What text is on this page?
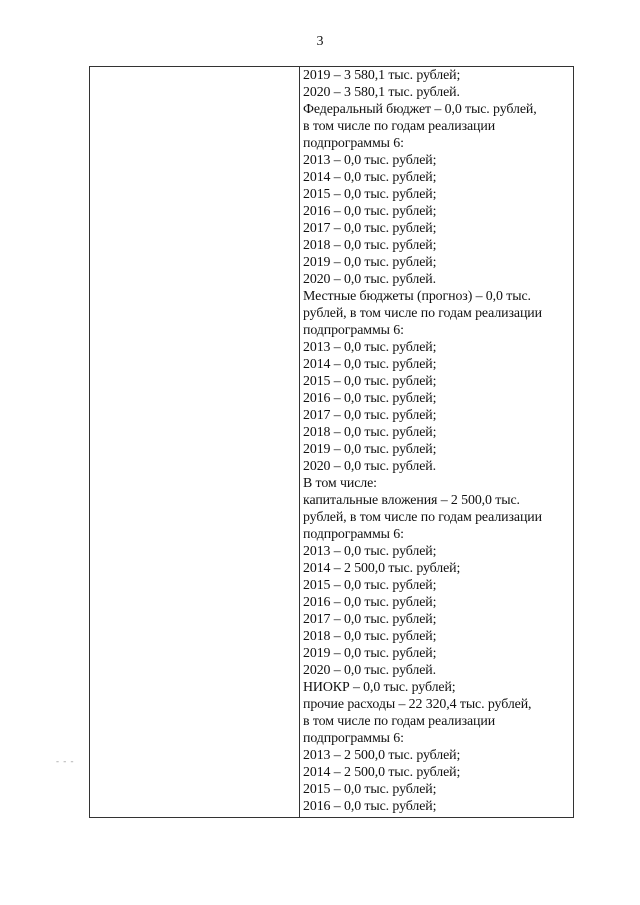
3
- - -
2019 – 3 580,1 тыс. рублей;
2020 – 3 580,1 тыс. рублей.
Федеральный бюджет – 0,0 тыс. рублей,
в том числе по годам реализации
подпрограммы 6:
2013 – 0,0 тыс. рублей;
2014 – 0,0 тыс. рублей;
2015 – 0,0 тыс. рублей;
2016 – 0,0 тыс. рублей;
2017 – 0,0 тыс. рублей;
2018 – 0,0 тыс. рублей;
2019 – 0,0 тыс. рублей;
2020 – 0,0 тыс. рублей.
Местные бюджеты (прогноз) – 0,0 тыс.
рублей, в том числе по годам реализации
подпрограммы 6:
2013 – 0,0 тыс. рублей;
2014 – 0,0 тыс. рублей;
2015 – 0,0 тыс. рублей;
2016 – 0,0 тыс. рублей;
2017 – 0,0 тыс. рублей;
2018 – 0,0 тыс. рублей;
2019 – 0,0 тыс. рублей;
2020 – 0,0 тыс. рублей.
В том числе:
капитальные вложения – 2 500,0 тыс.
рублей, в том числе по годам реализации
подпрограммы 6:
2013 – 0,0 тыс. рублей;
2014 – 2 500,0 тыс. рублей;
2015 – 0,0 тыс. рублей;
2016 – 0,0 тыс. рублей;
2017 – 0,0 тыс. рублей;
2018 – 0,0 тыс. рублей;
2019 – 0,0 тыс. рублей;
2020 – 0,0 тыс. рублей.
НИОКР – 0,0 тыс. рублей;
прочие расходы – 22 320,4 тыс. рублей,
в том числе по годам реализации
подпрограммы 6:
2013 – 2 500,0 тыс. рублей;
2014 – 2 500,0 тыс. рублей;
2015 – 0,0 тыс. рублей;
2016 – 0,0 тыс. рублей;
